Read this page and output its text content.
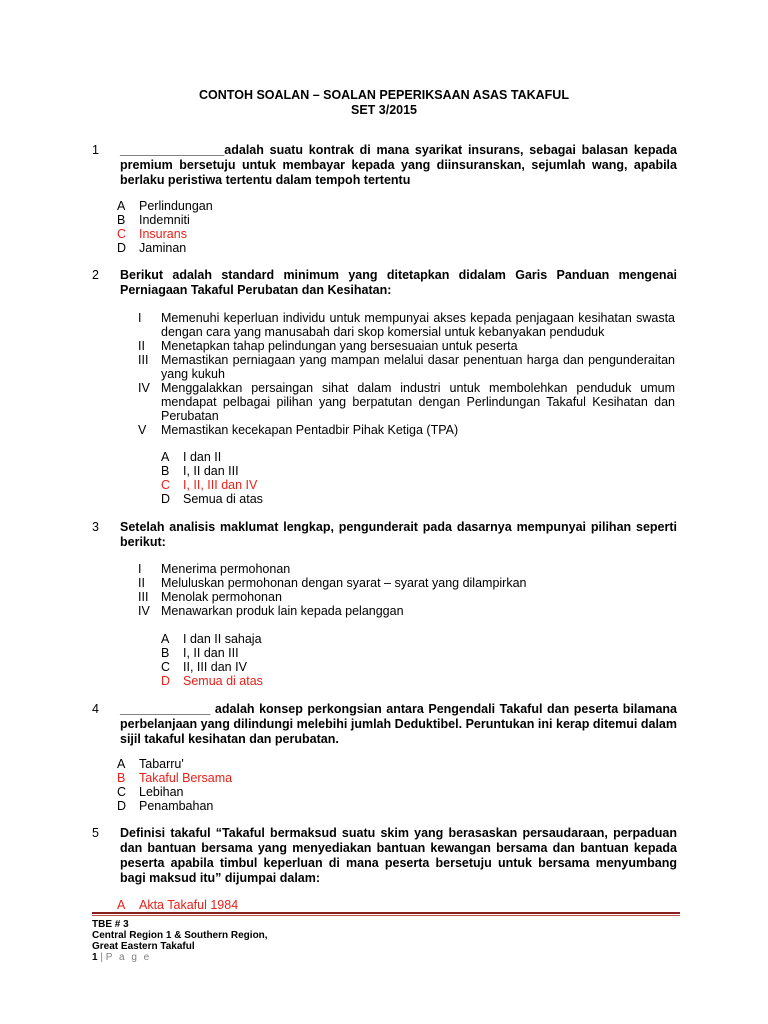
CONTOH SOALAN – SOALAN PEPERIKSAAN ASAS TAKAFUL
SET 3/2015
1	_______________adalah suatu kontrak di mana syarikat insurans, sebagai balasan kepada premium bersetuju untuk membayar kepada yang diinsuranskan, sejumlah wang, apabila berlaku peristiwa tertentu dalam tempoh tertentu
A	Perlindungan
B	Indemniti
C	Insurans
D	Jaminan
2	Berikut adalah standard minimum yang ditetapkan didalam Garis Panduan mengenai Perniagaan Takaful Perubatan dan Kesihatan:
I	Memenuhi keperluan individu untuk mempunyai akses kepada penjagaan kesihatan swasta dengan cara yang manusabah dari skop komersial untuk kebanyakan penduduk
II	Menetapkan tahap pelindungan yang bersesuaian untuk peserta
III	Memastikan perniagaan yang mampan melalui dasar penentuan harga dan pengunderaitan yang kukuh
IV Menggalakkan persaingan sihat dalam industri untuk membolehkan penduduk umum mendapat pelbagai pilihan yang berpatutan dengan Perlindungan Takaful Kesihatan dan Perubatan
V	Memastikan kecekapan Pentadbir Pihak Ketiga (TPA)
A	I dan II
B	I, II dan III
C	I, II, III dan IV
D	Semua di atas
3	Setelah analisis maklumat lengkap, pengunderait pada dasarnya mempunyai pilihan seperti berikut:
I	Menerima permohonan
II	Meluluskan permohonan dengan syarat – syarat yang dilampirkan
III	Menolak permohonan
IV Menawarkan produk lain kepada pelanggan
A	I dan II sahaja
B	I, II dan III
C	II, III dan IV
D	Semua di atas
4	_____________ adalah konsep perkongsian antara Pengendali Takaful dan peserta bilamana perbelanjaan yang dilindungi melebihi jumlah Deduktibel. Peruntukan ini kerap ditemui dalam sijil takaful kesihatan dan perubatan.
A	Tabarru'
B	Takaful Bersama
C	Lebihan
D	Penambahan
5	Definisi takaful “Takaful bermaksud suatu skim yang berasaskan persaudaraan, perpaduan dan bantuan bersama yang menyediakan bantuan kewangan bersama dan bantuan kepada peserta apabila timbul keperluan di mana peserta bersetuju untuk bersama menyumbang bagi maksud itu” dijumpai dalam:
A	Akta Takaful 1984
TBE # 3
Central Region 1 & Southern Region,
Great Eastern Takaful
1 | P a g e
